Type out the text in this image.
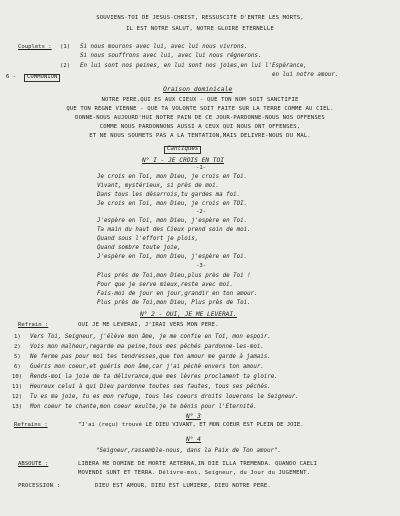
SOUVIENS-TOI DE JESUS-CHRIST, RESSUSCITE D'ENTRE LES MORTS,
IL EST NOTRE SALUT, NOTRE GLOIRE ETERNELLE
Couplets : (1) Si nous mourons avec lui, avec lui nous vivrons.
Si nous souffrons avec lui, avec lui nous régnerons.
(2) En lui sont nos peines, en lui sont nos joies,en lui l'Espérance,
en lui notre amour.
6 -	COMMUNION
Oraison dominicale
NOTRE PERE,QUI ES AUX CIEUX - QUE TON NOM SOIT SANCTIFIE
QUE TON REGNE VIENNE - QUE TA VOLONTE SOIT FAITE SUR LA TERRE COMME AU CIEL.
DONNE-NOUS AUJOURD'HUI NOTRE PAIN DE CE JOUR-PARDONNE-NOUS NOS OFFENSES
COMME NOUS PARDONNONS AUSSI A CEUX QUI NOUS ONT OFFENSES,
ET NE NOUS SOUMETS PAS A LA TENTATION,MAIS DELIVRE-NOUS DU MAL.
Cantiques
N° I - JE CROIS EN TOI
-1-
Je crois en Toi, mon Dieu, je crois en Toi.
Vivant, mystérieux, si près de moi.
Dans tous les désarrois,tu gardes ma foi.
Je crois en Toi, mon Dieu, je crois en TOI.
-2-
J'espère en Toi, mon Dieu, j'espère en Toi.
Ta main du haut des Cieux prend soin de moi.
Quand sous l'effort je plois,
Quand sombre toute joie,
J'espère en Toi, mon Dieu, j'espère en Toi.
-3-
Plus près de Toi,mon Dieu,plus près de Toi !
Pour que je serve mieux,reste avec moi.
Fais-moi de jour en jour,grandir en ton amour.
Plus près de Toi,mon Dieu, Plus près de Toi.
N° 2 - OUI, JE ME LEVERAI.
Refrain :	OUI JE ME LEVERAI, J'IRAI VERS MON PERE.
1) Vers Toi, Seigneur, j'élève mon âme, je me confie en Toi, mon espoir.
2) Vois mon malheur,regarde ma peine,tous mes péchés pardonne-les-moi.
5) Ne ferme pas pour moi tes tendresses,que ton amour me garde à jamais.
6) Guéris mon coeur,et guéris mon âme,car j'ai péché envers ton amour.
10) Rends-moi la joie de ta délivrance,que mes lèvres proclament ta gloire.
11) Heureux celui à qui Dieu pardonne toutes ses fautes, tous ses péchés.
12) Tu es ma joie, tu es mon refuge, tous les coeurs droits louerons le Seigneur.
13) Mon coeur te chante,mon coeur exulte,je te bénis pour l'Eternité.
N° 3
Refrains :	"J'ai (reçu) trouvé LE DIEU VIVANT, ET MON COEUR EST PLEIN DE JOIE.
N° 4
"Seigneur,rassemble-nous, dans la Paix de Ton amour".
ABSOUTE :	LIBERA ME DOMINE DE MORTE AETERNA,IN DIE ILLA TREMENDA. QUANDO CAELI
MOVENDI SUNT ET TERRA. Délivre-moi, Seigneur, du Jour du JUGEMENT.
PROCESSION :	DIEU EST AMOUR, DIEU EST LUMIERE, DIEU NOTRE PERE.
